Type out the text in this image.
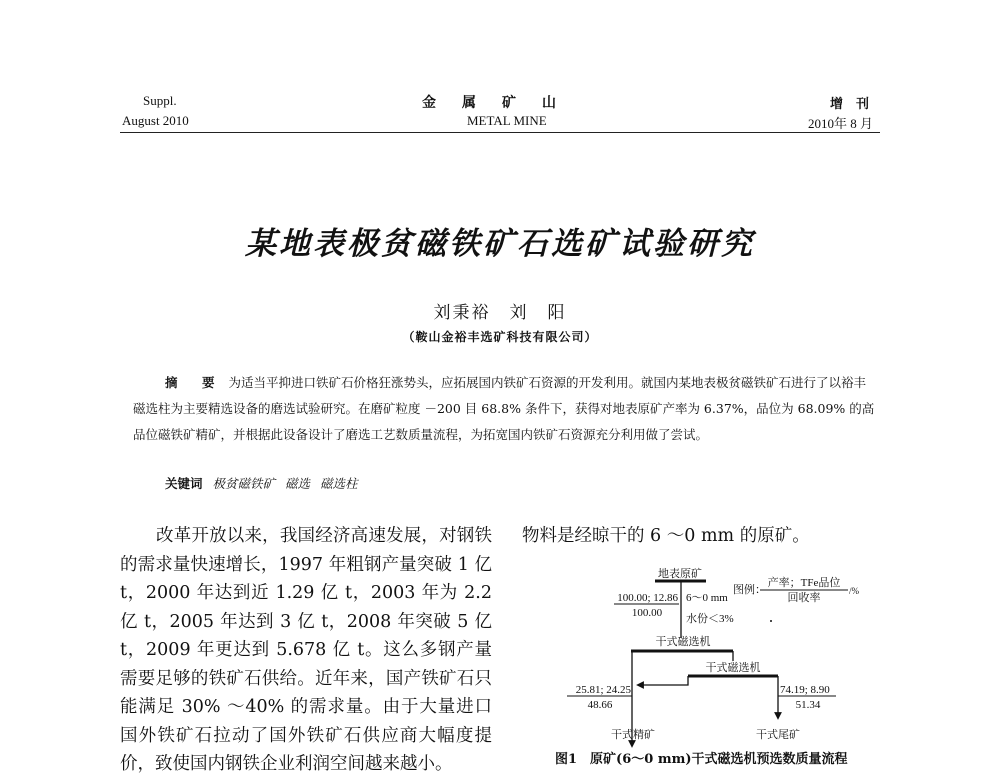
Suppl.
August 2010
金　属　矿　山
METAL MINE
增　刊
2010年 8 月
某地表极贫磁铁矿石选矿试验研究
刘秉裕　刘　阳
（鞍山金裕丰选矿科技有限公司）
摘　要 为适当平抑进口铁矿石价格狂涨势头，应拓展国内铁矿石资源的开发利用。就国内某地表极贫磁铁矿石进行了以裕丰磁选柱为主要精选设备的磨选试验研究。在磨矿粒度 －200 目 68.8% 条件下，获得对地表原矿产率为 6.37%，品位为 68.09% 的高品位磁铁矿精矿，并根据此设备设计了磨选工艺数质量流程，为拓宽国内铁矿石资源充分利用做了尝试。
关键词 极贫磁铁矿 磁选 磁选柱
改革开放以来，我国经济高速发展，对钢铁的需求量快速增长，1997 年粗钢产量突破 1 亿 t，2000 年达到近 1.29 亿 t，2003 年为 2.2 亿 t，2005 年达到 3 亿 t，2008 年突破 5 亿 t，2009 年更达到 5.678 亿 t。这么多钢产量需要足够的铁矿石供给。近年来，国产铁矿石只能满足 30% ～40% 的需求量。由于大量进口国外铁矿石拉动了国外铁矿石供应商大幅度提价，致使国内钢铁企业利润空间越来越小。
物料是经晾干的 6 ～0 mm 的原矿。
地表原矿
100.00; 12.86
100.00
6～0 mm
水份＜3%
图例：
产率；TFe品位
回收率
/%
干式磁选机
干式磁选机
25.81; 24.25
48.66
74.19; 8.90
51.34
干式精矿	干式尾矿
图1　原矿(6～0 mm)干式磁选机预选数质量流程
